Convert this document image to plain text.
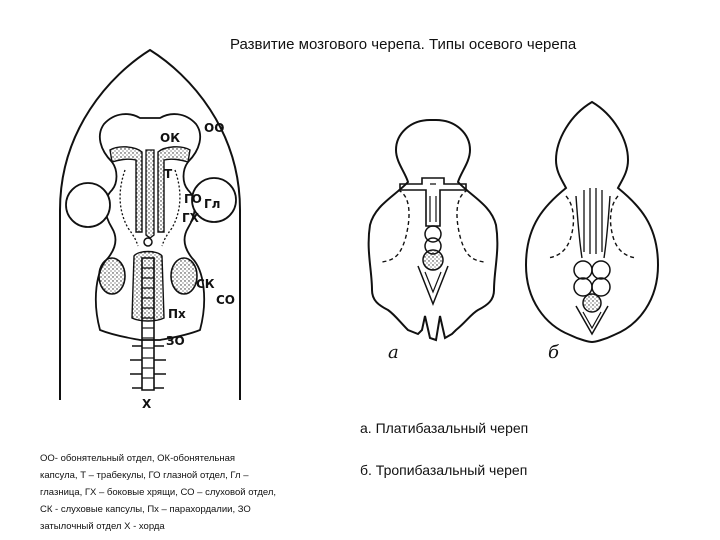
Развитие мозгового черепа. Типы осевого черепа
ОК
ОО
Т
ГО Гл
ГХ
СК
СО
Пх
ЗО
Х
а	б
а. Платибазальный череп
б. Тропибазальный череп
ОО- обонятельный отдел, ОК-обонятельная
капсула, Т – трабекулы, ГО глазной отдел, Гл –
глазница, ГХ – боковые хрящи, СО – слуховой отдел,
СК - слуховые капсулы, Пх – парахордалии, ЗО
затылочный отдел Х - хорда
